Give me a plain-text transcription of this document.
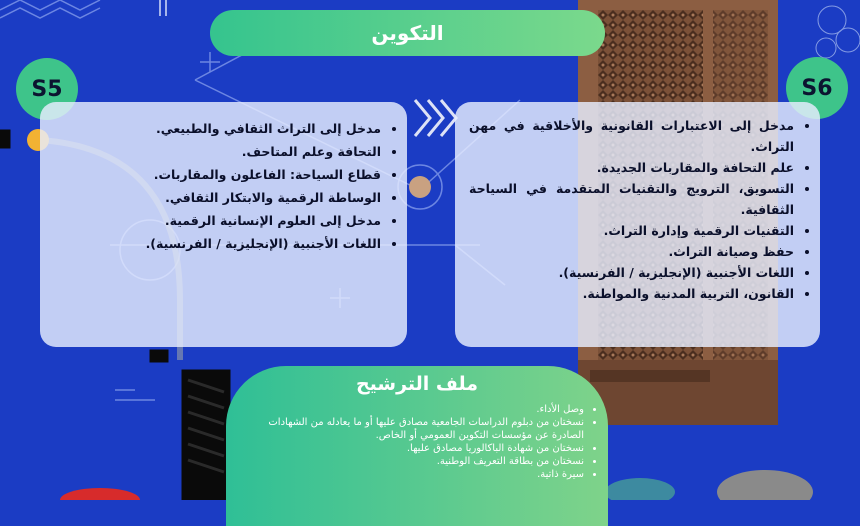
التكوين
S5	S6
• مدخل إلى التراث الثقافي والطبيعي.
• التحافة وعلم المتاحف.
• قطاع السياحة: الفاعلون والمقاربات.
• الوساطة الرقمية والابتكار الثقافي.
• مدخل إلى العلوم الإنسانية الرقمية.
• اللغات الأجنبية (الإنجليزية / الفرنسية).
• مدخل إلى الاعتبارات القانونية والأخلاقية في مهن التراث.
• علم التحافة والمقاربات الجديدة.
• التسويق، الترويج والتقنيات المتقدمة في السياحة الثقافية.
• التقنيات الرقمية وإدارة التراث.
• حفظ وصيانة التراث.
• اللغات الأجنبية (الإنجليزية / الفرنسية).
• القانون، التربية المدنية والمواطنة.
ملف الترشيح
• وصل الأداء.
• نسختان من دبلوم الدراسات الجامعية مصادق عليها أو ما يعادله من الشهادات الصادرة عن مؤسسات التكوين العمومي أو الخاص.
• نسختان من شهادة الباكالوريا مصادق عليها.
• نسختان من بطاقة التعريف الوطنية.
• سيرة ذاتية.
